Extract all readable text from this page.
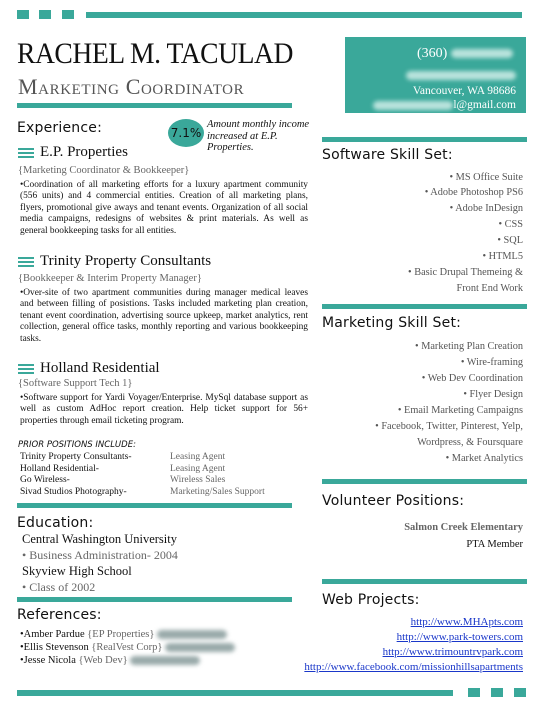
RACHEL M. TACULAD
Marketing Coordinator
(360)
Vancouver, WA 98686
l@gmail.com
Experience:	7.1%
Amount monthly income increased at E.P. Properties.
E.P. Properties
{Marketing Coordinator & Bookkeeper}
•Coordination of all marketing efforts for a luxury apartment community (556 units) and 4 commercial entities. Creation of all marketing plans, flyers, promotional give aways and tenant events. Organization of all social media campaigns, redesigns of websites & print materials. As well as general bookkeeping tasks for all entities.
Trinity Property Consultants
{Bookkeeper & Interim Property Manager}
•Over-site of two apartment communities during manager medical leaves and between filling of posistions. Tasks included marketing plan creation, tenant event coordination, advertising source upkeep, market analytics, rent collection, general office tasks, monthly reporting and various bookkeeping tasks.
Holland Residential
{Software Support Tech 1}
•Software support for Yardi Voyager/Enterprise. MySql database support as well as custom AdHoc report creation. Help ticket support for 56+ properties through email ticketing program.
PRIOR POSITIONS INCLUDE:
Trinity Property Consultants-	Leasing Agent
Holland Residential-	Leasing Agent
Go Wireless-	Wireless Sales
Sivad Studios Photography-	Marketing/Sales Support
Education:
Central Washington University
• Business Administration- 2004
Skyview High School
• Class of 2002
References:
•Amber Pardue {EP Properties}
•Ellis Stevenson {RealVest Corp}
•Jesse Nicola {Web Dev}
Software Skill Set:
• MS Office Suite
• Adobe Photoshop PS6
• Adobe InDesign
• CSS
• SQL
• HTML5
• Basic Drupal Themeing &
Front End Work
Marketing Skill Set:
• Marketing Plan Creation
• Wire-framing
• Web Dev Coordination
• Flyer Design
• Email Marketing Campaigns
• Facebook, Twitter, Pinterest, Yelp,
Wordpress, & Foursquare
• Market Analytics
Volunteer Positions:
Salmon Creek Elementary
PTA Member
Web Projects:
http://www.MHApts.com
http://www.park-towers.com
http://www.trimountrvpark.com
http://www.facebook.com/missionhillsapartments
